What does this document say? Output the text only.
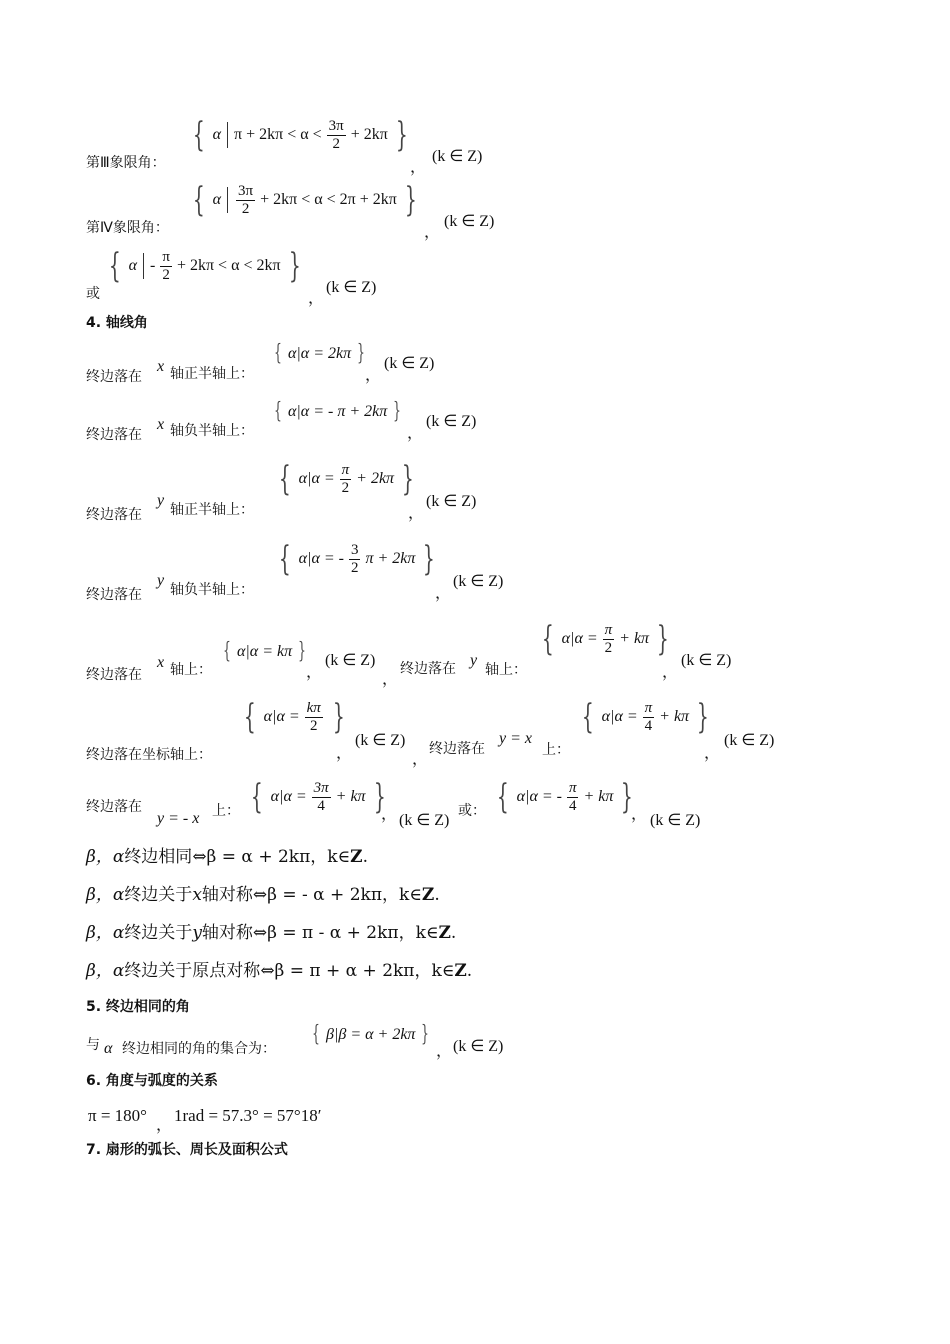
第Ⅲ象限角：
{ α $\pi + 2k\pi < \alpha < \frac{3\pi}{2} + 2k\pi$ }
，
(k ∈ Z)
第Ⅳ象限角：
{ α $\frac{3\pi}{2} + 2k\pi < \alpha < 2\pi + 2k\pi$ }
，
(k ∈ Z)
或
{ $\alpha - \frac{\pi}{2} + 2k\pi < \alpha < 2k\pi$ }
，
(k ∈ Z)
4. 轴线角
终边落在
x 轴正半轴上：
{ α|α = 2kπ }
，
(k ∈ Z)
终边落在
x 轴负半轴上：
{ α|α = - π + 2kπ }
，
(k ∈ Z)
终边落在
y
轴正半轴上：
{ $\alpha|\alpha = \frac{\pi}{2} + 2k\pi$ }
，
(k ∈ Z)
终边落在
y
轴负半轴上：
{ α|α = - $\frac{3}{2}$ π + 2kπ }
，
(k ∈ Z)
终边落在
x 轴上：
{ α|α = kπ }
，
(k ∈ Z)
，
终边落在 y
轴上：
{ $\alpha|\alpha = \frac{\pi}{2} + k\pi$ }
，
(k ∈ Z)
终边落在坐标轴上：
{ $\alpha|\alpha = \frac{k\pi}{2}$ }
，
(k ∈ Z)
，
终边落在
y = x
上：
{ $\alpha|\alpha = \frac{\pi}{4} + k\pi$ }
，
(k ∈ Z)
终边落在
y = - x 上： { $\alpha|\alpha = \frac{3\pi}{4} + k\pi$ }
， (k ∈ Z)
或： { α|α = - $\frac{\pi}{4} + k\pi$ }
， (k ∈ Z)
β，α终边相同⇔β = α + 2kπ，k∈Z.
β，α终边关于x轴对称⇔β = - α + 2kπ，k∈Z.
β，α终边关于y轴对称⇔β = π - α + 2kπ，k∈Z.
β，α终边关于原点对称⇔β = π + α + 2kπ，k∈Z.
5. 终边相同的角
与 α 终边相同的角的集合为：
{ β|β = α + 2kπ }
， (k ∈ Z)
6. 角度与弧度的关系
π = 180°
，
1rad = 57.3° = 57°18′
7. 扇形的弧长、周长及面积公式
